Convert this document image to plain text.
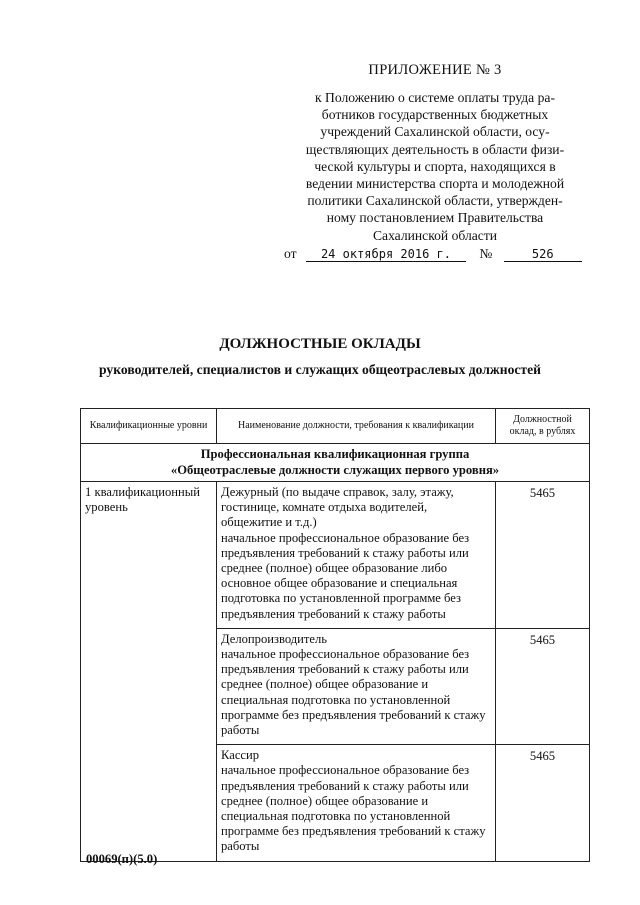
ПРИЛОЖЕНИЕ № 3
к Положению о системе оплаты труда ра-
ботников государственных бюджетных
учреждений Сахалинской области, осу-
ществляющих деятельность в области физи-
ческой культуры и спорта, находящихся в
ведении министерства спорта и молодежной
политики Сахалинской области, утвержден-
ному постановлением Правительства
Сахалинской области
от 24 октября 2016 г. №	526
ДОЛЖНОСТНЫЕ ОКЛАДЫ
руководителей, специалистов и служащих общеотраслевых должностей
Квалификационные уровни	Наименование должности, требования к квалификации	Должностной оклад, в рублях
Профессиональная квалификационная группа
«Общеотраслевые должности служащих первого уровня»		
1 квалификационный уровень	Дежурный (по выдаче справок, залу, этажу, гостинице, комнате отдыха водителей, общежитие и т.д.)
начальное профессиональное образование без предъявления требований к стажу работы или среднее (полное) общее образование либо основное общее образование и специальная подготовка по установленной программе без предъявления требований к стажу работы	5465

	Делопроизводитель
начальное профессиональное образование без предъявления требований к стажу работы или среднее (полное) общее образование и специальная подготовка по установленной программе без предъявления требований к стажу работы	5465

	Кассир
начальное профессиональное образование без предъявления требований к стажу работы или среднее (полное) общее образование и специальная подготовка по установленной программе без предъявления требований к стажу работы	5465
00069(п)(5.0)
